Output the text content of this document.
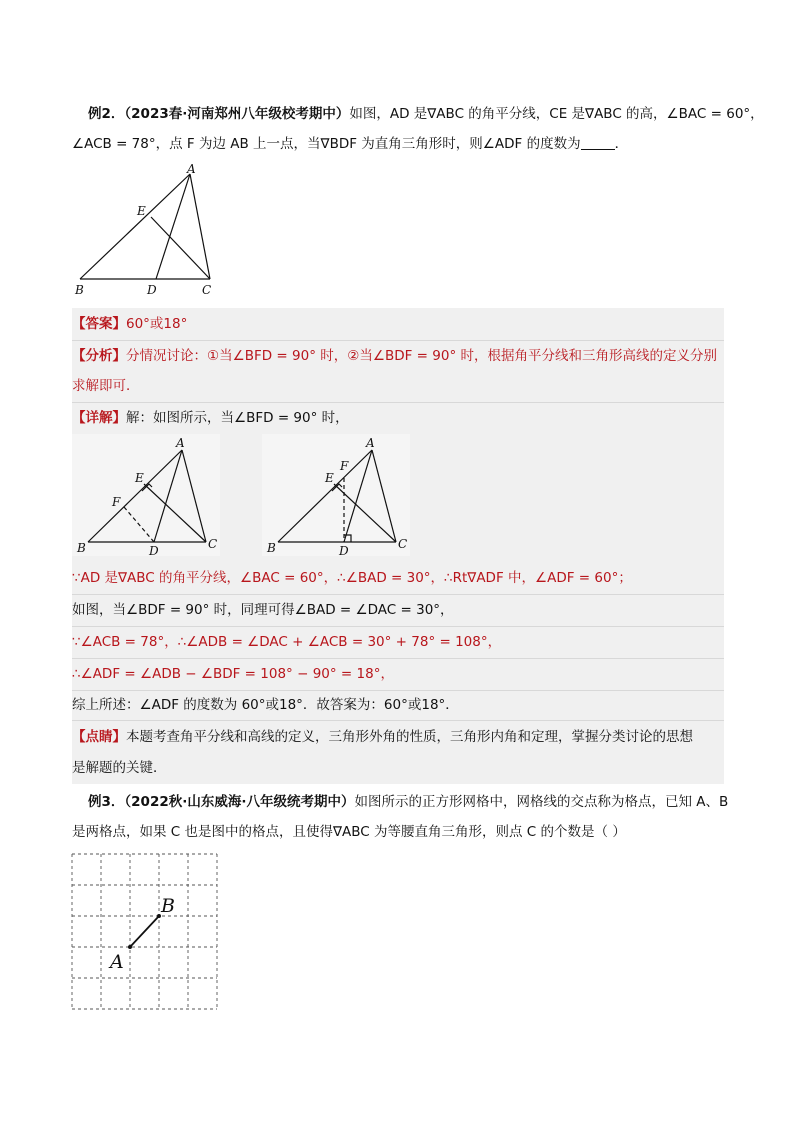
例2．（2023春·河南郑州八年级校考期中）如图，AD 是∇ABC 的角平分线，CE 是∇ABC 的高，∠BAC = 60°，
∠ACB = 78°，点 F 为边 AB 上一点，当∇BDF 为直角三角形时，则∠ADF 的度数为	．
A
E
B	D	C
【答案】60°或18°
【分析】分情况讨论：①当∠BFD = 90° 时，②当∠BDF = 90° 时，根据角平分线和三角形高线的定义分别
求解即可．
【详解】解：如图所示，当∠BFD = 90° 时，
A
E
F
B	D	C
A
F
E
B	D	C
∵AD 是∇ABC 的角平分线，∠BAC = 60°，∴∠BAD = 30°，∴Rt∇ADF 中，∠ADF = 60°；
如图，当∠BDF = 90° 时，同理可得∠BAD = ∠DAC = 30°，
∵∠ACB = 78°，∴∠ADB = ∠DAC + ∠ACB = 30° + 78° = 108°，
∴∠ADF = ∠ADB − ∠BDF = 108° − 90° = 18°，
综上所述：∠ADF 的度数为 60°或18°．故答案为：60°或18°．
【点睛】本题考查角平分线和高线的定义，三角形外角的性质，三角形内角和定理，掌握分类讨论的思想
是解题的关键．
例3．（2022秋·山东威海·八年级统考期中）如图所示的正方形网格中，网格线的交点称为格点，已知 A、B
是两格点，如果 C 也是图中的格点，且使得∇ABC 为等腰直角三角形，则点 C 的个数是（ ）
A
B
